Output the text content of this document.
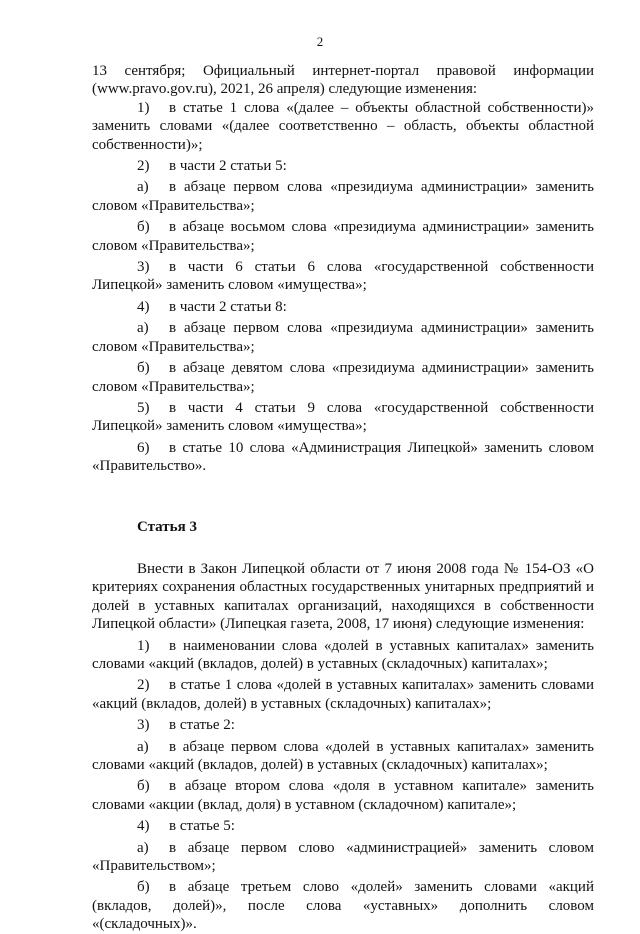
2

13 сентября; Официальный интернет-портал правовой информации (www.pravo.gov.ru), 2021, 26 апреля) следующие изменения:

1) в статье 1 слова «(далее – объекты областной собственности)» заменить словами «(далее соответственно – область, объекты областной собственности)»;

2) в части 2 статьи 5:

а) в абзаце первом слова «президиума администрации» заменить словом «Правительства»;

б) в абзаце восьмом слова «президиума администрации» заменить словом «Правительства»;

3) в части 6 статьи 6 слова «государственной собственности Липецкой» заменить словом «имущества»;

4) в части 2 статьи 8:

а) в абзаце первом слова «президиума администрации» заменить словом «Правительства»;

б) в абзаце девятом слова «президиума администрации» заменить словом «Правительства»;

5) в части 4 статьи 9 слова «государственной собственности Липецкой» заменить словом «имущества»;

6) в статье 10 слова «Администрация Липецкой» заменить словом «Правительство».

Статья 3

Внести в Закон Липецкой области от 7 июня 2008 года № 154-ОЗ «О критериях сохранения областных государственных унитарных предприятий и долей в уставных капиталах организаций, находящихся в собственности Липецкой области» (Липецкая газета, 2008, 17 июня) следующие изменения:

1) в наименовании слова «долей в уставных капиталах» заменить словами «акций (вкладов, долей) в уставных (складочных) капиталах»;

2) в статье 1 слова «долей в уставных капиталах» заменить словами «акций (вкладов, долей) в уставных (складочных) капиталах»;

3) в статье 2:

а) в абзаце первом слова «долей в уставных капиталах» заменить словами «акций (вкладов, долей) в уставных (складочных) капиталах»;

б) в абзаце втором слова «доля в уставном капитале» заменить словами «акции (вклад, доля) в уставном (складочном) капитале»;

4) в статье 5:

а) в абзаце первом слово «администрацией» заменить словом «Правительством»;

б) в абзаце третьем слово «долей» заменить словами «акций (вкладов, долей)», после слова «уставных» дополнить словом «(складочных)».
